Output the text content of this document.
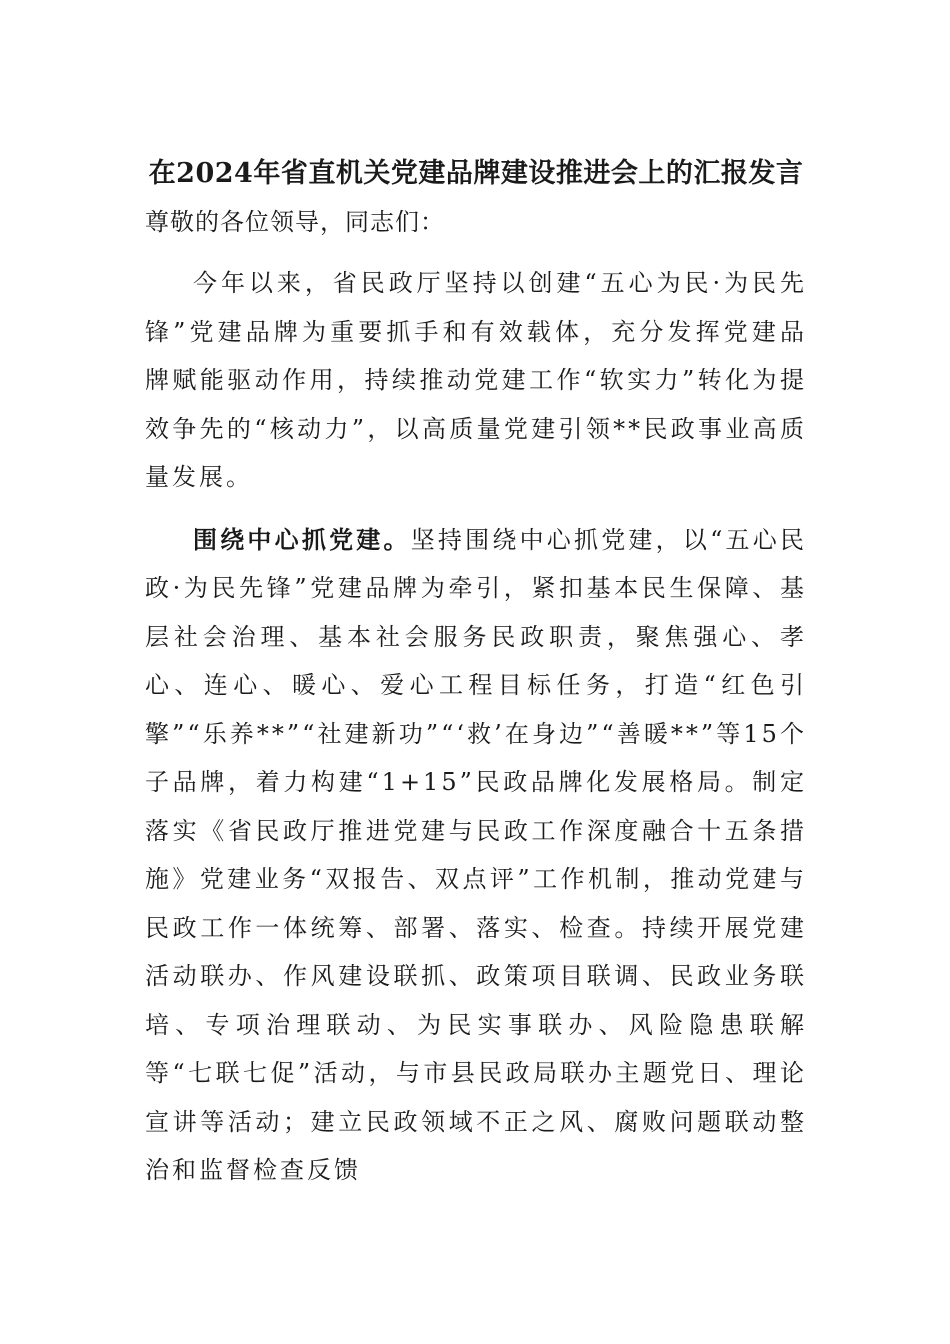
在2024年省直机关党建品牌建设推进会上的汇报发言

尊敬的各位领导，同志们：

今年以来，省民政厅坚持以创建“五心为民·为民先锋”党建品牌为重要抓手和有效载体，充分发挥党建品牌赋能驱动作用，持续推动党建工作“软实力”转化为提效争先的“核动力”，以高质量党建引领**民政事业高质量发展。

围绕中心抓党建。坚持围绕中心抓党建，以“五心民政·为民先锋”党建品牌为牵引，紧扣基本民生保障、基层社会治理、基本社会服务民政职责，聚焦强心、孝心、连心、暖心、爱心工程目标任务，打造“红色引擎”“乐养**”“社建新功”“‘救’在身边”“善暖**”等15个子品牌，着力构建“1+15”民政品牌化发展格局。制定落实《省民政厅推进党建与民政工作深度融合十五条措施》党建业务“双报告、双点评”工作机制，推动党建与民政工作一体统筹、部署、落实、检查。持续开展党建活动联办、作风建设联抓、政策项目联调、民政业务联培、专项治理联动、为民实事联办、风险隐患联解等“七联七促”活动，与市县民政局联办主题党日、理论宣讲等活动；建立民政领域不正之风、腐败问题联动整治和监督检查反馈
